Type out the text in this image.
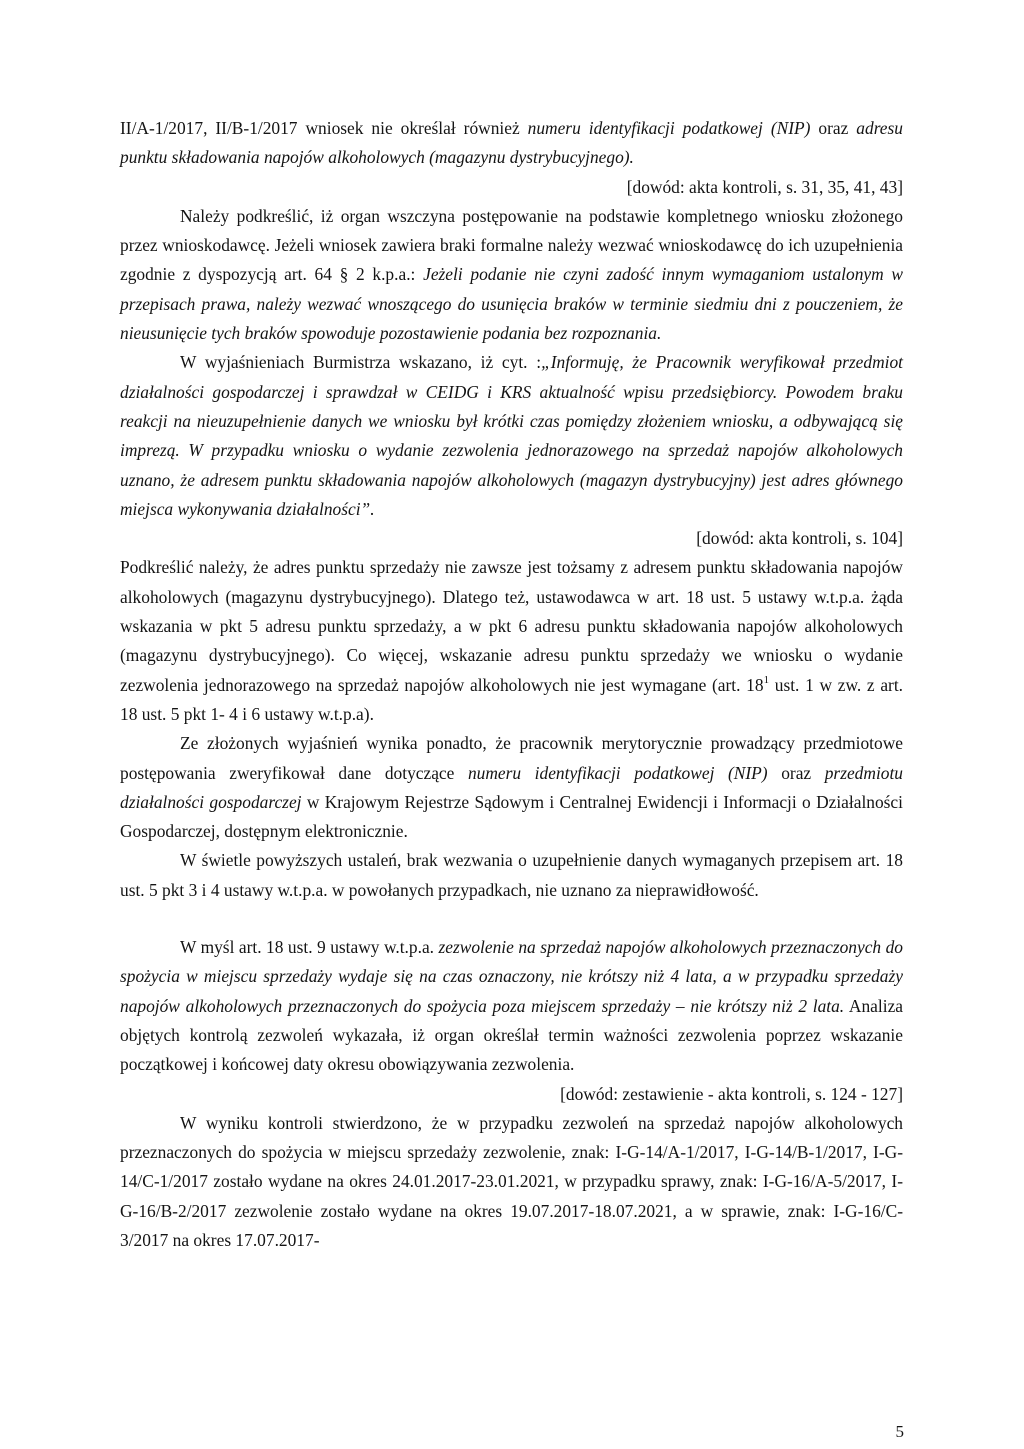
II/A-1/2017, II/B-1/2017 wniosek nie określał również numeru identyfikacji podatkowej (NIP) oraz adresu punktu składowania napojów alkoholowych (magazynu dystrybucyjnego).

[dowód: akta kontroli, s. 31, 35, 41, 43]

Należy podkreślić, iż organ wszczyna postępowanie na podstawie kompletnego wniosku złożonego przez wnioskodawcę. Jeżeli wniosek zawiera braki formalne należy wezwać wnioskodawcę do ich uzupełnienia zgodnie z dyspozycją art. 64 § 2 k.p.a.: Jeżeli podanie nie czyni zadość innym wymaganiom ustalonym w przepisach prawa, należy wezwać wnoszącego do usunięcia braków w terminie siedmiu dni z pouczeniem, że nieusunięcie tych braków spowoduje pozostawienie podania bez rozpoznania.

W wyjaśnieniach Burmistrza wskazano, iż cyt. :„Informuję, że Pracownik weryfikował przedmiot działalności gospodarczej i sprawdzał w CEIDG i KRS aktualność wpisu przedsiębiorcy. Powodem braku reakcji na nieuzupełnienie danych we wniosku był krótki czas pomiędzy złożeniem wniosku, a odbywającą się imprezą. W przypadku wniosku o wydanie zezwolenia jednorazowego na sprzedaż napojów alkoholowych uznano, że adresem punktu składowania napojów alkoholowych (magazyn dystrybucyjny) jest adres głównego miejsca wykonywania działalności”.

[dowód: akta kontroli, s. 104]

Podkreślić należy, że adres punktu sprzedaży nie zawsze jest tożsamy z adresem punktu składowania napojów alkoholowych (magazynu dystrybucyjnego). Dlatego też, ustawodawca w art. 18 ust. 5 ustawy w.t.p.a. żąda wskazania w pkt 5 adresu punktu sprzedaży, a w pkt 6 adresu punktu składowania napojów alkoholowych (magazynu dystrybucyjnego). Co więcej, wskazanie adresu punktu sprzedaży we wniosku o wydanie zezwolenia jednorazowego na sprzedaż napojów alkoholowych nie jest wymagane (art. $18^1$ ust. 1 w zw. z art. 18 ust. 5 pkt 1- 4 i 6 ustawy w.t.p.a).

Ze złożonych wyjaśnień wynika ponadto, że pracownik merytorycznie prowadzący przedmiotowe postępowania zweryfikował dane dotyczące numeru identyfikacji podatkowej (NIP) oraz przedmiotu działalności gospodarczej w Krajowym Rejestrze Sądowym i Centralnej Ewidencji i Informacji o Działalności Gospodarczej, dostępnym elektronicznie.

W świetle powyższych ustaleń, brak wezwania o uzupełnienie danych wymaganych przepisem art. 18 ust. 5 pkt 3 i 4 ustawy w.t.p.a. w powołanych przypadkach, nie uznano za nieprawidłowość.

W myśl art. 18 ust. 9 ustawy w.t.p.a. zezwolenie na sprzedaż napojów alkoholowych przeznaczonych do spożycia w miejscu sprzedaży wydaje się na czas oznaczony, nie krótszy niż 4 lata, a w przypadku sprzedaży napojów alkoholowych przeznaczonych do spożycia poza miejscem sprzedaży – nie krótszy niż 2 lata. Analiza objętych kontrolą zezwoleń wykazała, iż organ określał termin ważności zezwolenia poprzez wskazanie początkowej i końcowej daty okresu obowiązywania zezwolenia.

[dowód: zestawienie - akta kontroli, s. 124 - 127]

W wyniku kontroli stwierdzono, że w przypadku zezwoleń na sprzedaż napojów alkoholowych przeznaczonych do spożycia w miejscu sprzedaży zezwolenie, znak: I-G-14/A-1/2017, I-G-14/B-1/2017, I-G-14/C-1/2017 zostało wydane na okres 24.01.2017-23.01.2021, w przypadku sprawy, znak: I-G-16/A-5/2017, I-G-16/B-2/2017 zezwolenie zostało wydane na okres 19.07.2017-18.07.2021, a w sprawie, znak: I-G-16/C-3/2017 na okres 17.07.2017-

5
